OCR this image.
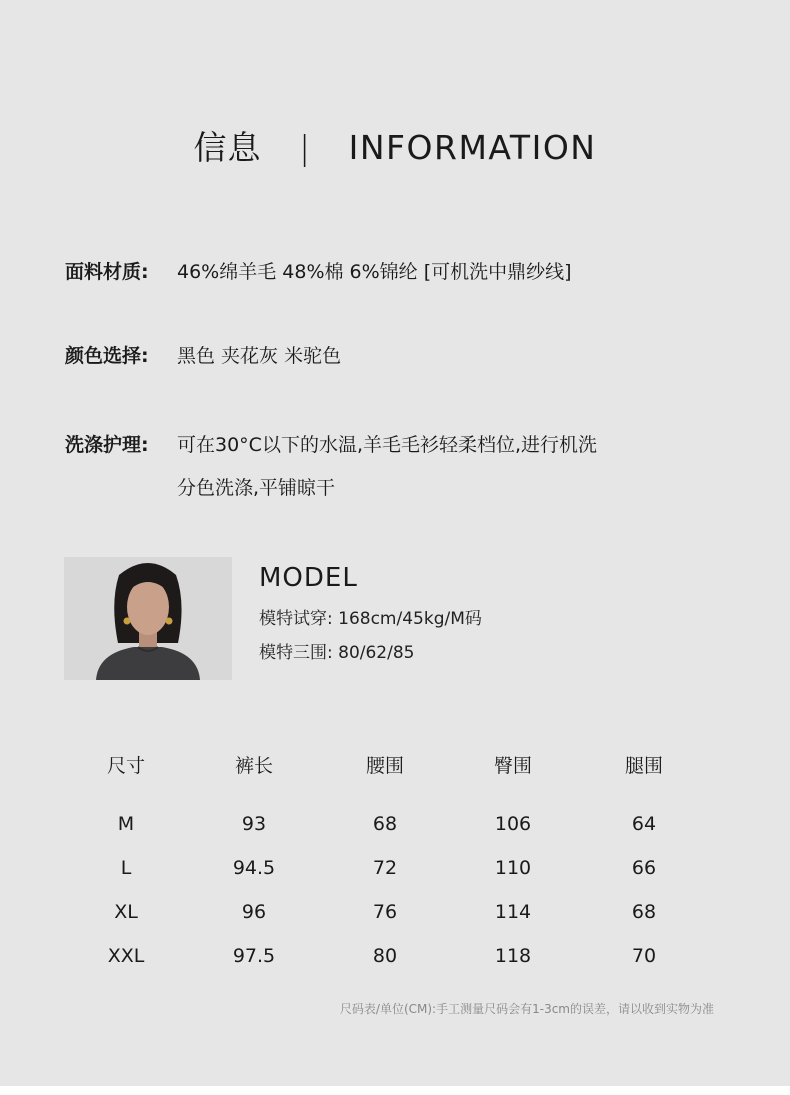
信息 | INFORMATION
面料材质:	46%绵羊毛 48%棉 6%锦纶 [可机洗中鼎纱线]
颜色选择:	黑色 夹花灰 米驼色
洗涤护理:	可在30°C以下的水温,羊毛毛衫轻柔档位,进行机洗
分色洗涤,平铺晾干
MODEL
模特试穿: 168cm/45kg/M码
模特三围: 80/62/85
尺寸	裤长	腰围	臀围	腿围
M	93	68	106	64
L	94.5	72	110	66
XL	96	76	114	68
XXL	97.5	80	118	70
尺码表/单位(CM):手工测量尺码会有1-3cm的误差，请以收到实物为准
